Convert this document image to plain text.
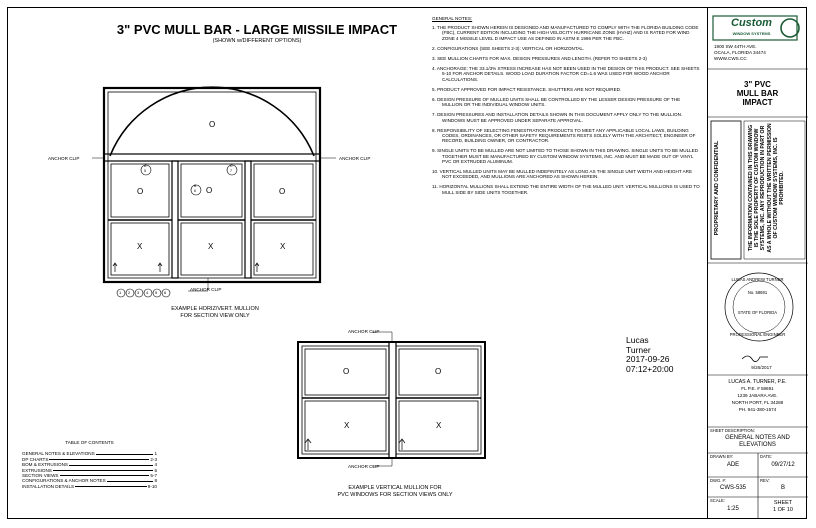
3" PVC MULL BAR - LARGE MISSILE IMPACT
(SHOWN w/DIFFERENT OPTIONS)
ANCHOR CLIP	ANCHOR CLIP
ANCHOR CLIP
O
O	O	O
X	X	X
A
5
B
6
C
7
1 2 3 4 5 6
EXAMPLE HORIZ/VERT. MULLION
FOR SECTION VIEW ONLY
ANCHOR CLIP
ANCHOR CLIP
O	O
X	X
EXAMPLE VERTICAL MULLION FOR
PVC WINDOWS FOR SECTION VIEWS ONLY
GENERAL NOTES:
1. THE PRODUCT SHOWN HEREIN IS DESIGNED AND MANUFACTURED TO COMPLY WITH THE FLORIDA BUILDING CODE (FBC), CURRENT EDITION INCLUDING THE HIGH VELOCITY HURRICANE ZONE (HVHZ) AND IS RATED FOR WIND ZONE 4 MISSILE LEVEL D IMPACT USE AS DEFINED IN ASTM E 1996 PER THE FBC.
2. CONFIGURATIONS (SEE SHEETS 2-3): VERTICAL OR HORIZONTAL.
3. SEE MULLION CHARTS FOR MAX. DESIGN PRESSURES AND LENGTH. (REFER TO SHEETS 2-3)
4. ANCHORAGE: THE 33.1/3% STRESS INCREASE HAS NOT BEEN USED IN THE DESIGN OF THIS PRODUCT. SEE SHEETS 5-10 FOR ANCHOR DETAILS. WOOD LOAD DURATION FACTOR CD=1.6 WAS USED FOR WOOD ANCHOR CALCULATIONS.
5. PRODUCT APPROVED FOR IMPACT RESISTANCE. SHUTTERS ARE NOT REQUIRED.
6. DESIGN PRESSURE OF MULLED UNITS SHALL BE CONTROLLED BY THE LESSER DESIGN PRESSURE OF THE MULLION OR THE INDIVIDUAL WINDOW UNITS.
7. DESIGN PRESSURES AND INSTALLATION DETAILS SHOWN IN THIS DOCUMENT APPLY ONLY TO THE MULLION. WINDOWS MUST BE APPROVED UNDER SEPARATE APPROVAL.
8. RESPONSIBILITY OF SELECTING FENESTRATION PRODUCTS TO MEET ANY APPLICABLE LOCAL LAWS, BUILDING CODES, ORDINANCES, OR OTHER SAFETY REQUIREMENTS RESTS SOLELY WITH THE ARCHITECT, ENGINEER OF RECORD, BUILDING OWNER, OR CONTRACTOR.
9. SINGLE UNITS TO BE MULLED ARE NOT LIMITED TO THOSE SHOWN IN THIS DRAWING. SINGLE UNITS TO BE MULLED TOGETHER MUST BE MANUFACTURED BY CUSTOM WINDOW SYSTEMS, INC. AND MUST BE MADE OUT OF VINYL PVC OR EXTRUDED ALUMINUM.
10. VERTICAL MULLED UNITS MAY BE MULLED INDEFINITELY AS LONG AS THE SINGLE UNIT WIDTH AND HEIGHT ARE NOT EXCEEDED, AND MULLIONS ARE ANCHORED AS SHOWN HEREIN.
11. HORIZONTAL MULLIONS SHALL EXTEND THE ENTIRE WIDTH OF THE MULLED UNIT. VERTICAL MULLIONS IS USED TO MULL SIDE BY SIDE UNITS TOGETHER.
TABLE OF CONTENTS
GENERAL NOTES & ELEVATIONS	1
DP CHARTS	2-3
BOM & EXTRUSIONS	4
EXTRUSIONS	5
SECTION VIEWS	5-7
CONFIGURATIONS & ANCHOR NOTES	8
INSTALLATION DETAILS	9-10
Lucas
Turner
2017-09-26
07:12+20:00
Custom
WINDOW SYSTEMS
1900 SW 44TH AVE.
OCALA, FLORIDA 34474
WWW.CWS.CC
3" PVC
MULL BAR
IMPACT
PROPRIETARY AND CONFIDENTIAL	THE INFORMATION CONTAINED IN THIS DRAWING IS THE SOLE PROPERTY OF CUSTOM WINDOW SYSTEMS, INC. ANY REPRODUCTION IN PART OR AS A WHOLE WITHOUT THE WRITTEN PERMISSION OF CUSTOM WINDOW SYSTEMS, INC. IS PROHIBITED.
LUCAS ANDREW TURNER
No. 58691
STATE OF FLORIDA
PROFESSIONAL ENGINEER
9/26/2017
LUCAS A. TURNER, P.E.
FL P.E. # 58691
1239 JABARA AVE.
NORTH PORT, FL 34288
PH. 941-380-1574
SHEET DESCRIPTION:
GENERAL NOTES AND
ELEVATIONS
DRAWN BY:
ADE
DATE:
09/27/12
DWG. #:
CWS-535
REV:
B
SCALE:
1:25
SHEET
1 OF 10
